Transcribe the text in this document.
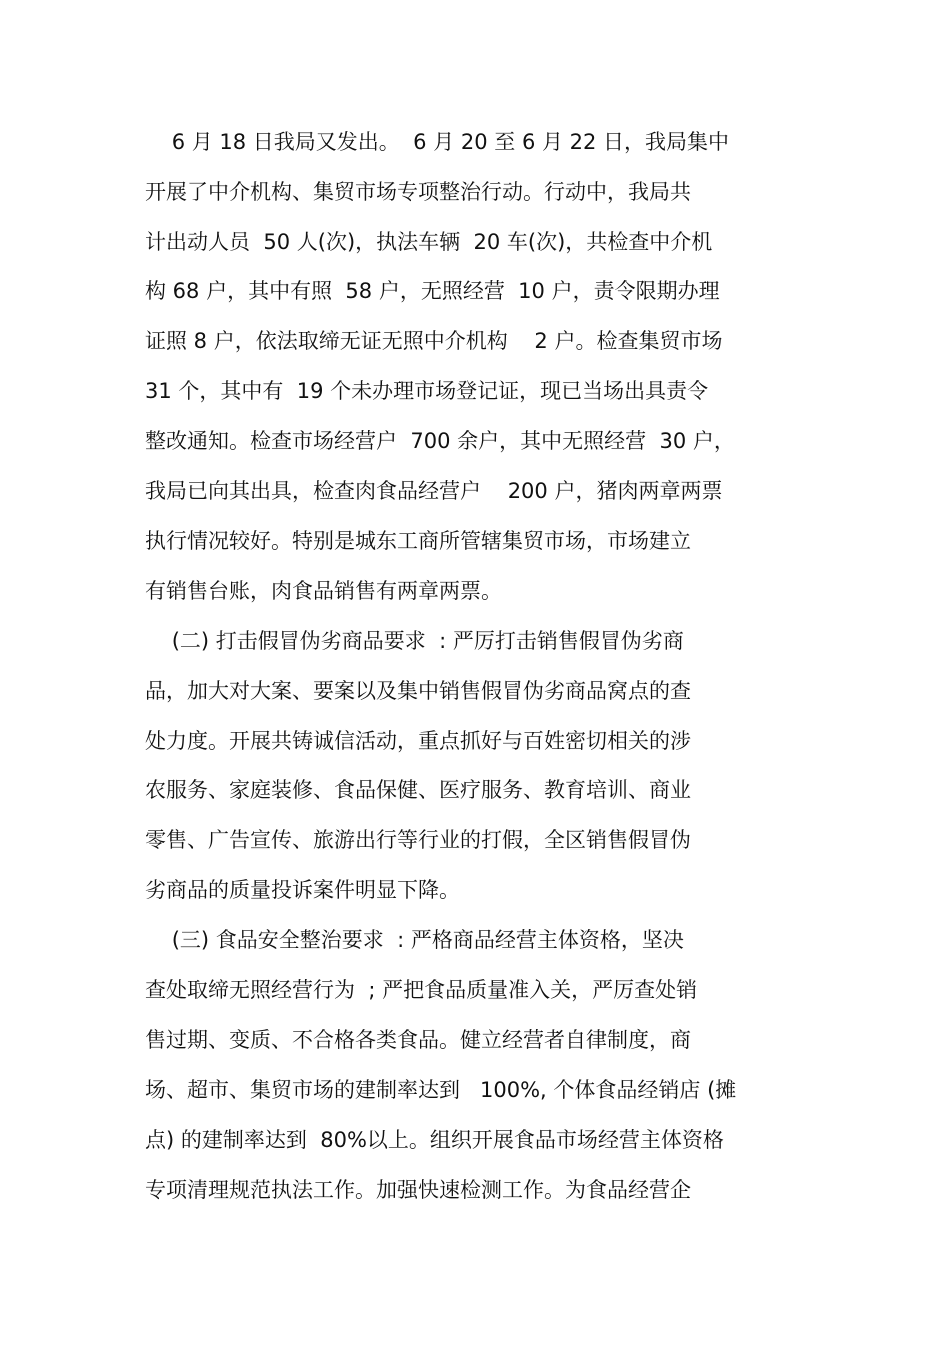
6 月 18 日我局又发出。  6 月 20 至 6 月 22 日，我局集中
开展了中介机构、集贸市场专项整治行动。行动中，我局共
计出动人员  50 人(次)，执法车辆  20 车(次)，共检查中介机
构 68 户，其中有照  58 户，无照经营  10 户，责令限期办理
证照 8 户，依法取缔无证无照中介机构    2 户。检查集贸市场
31 个，其中有  19 个未办理市场登记证，现已当场出具责令
整改通知。检查市场经营户  700 余户，其中无照经营  30 户，
我局已向其出具，检查肉食品经营户    200 户，猪肉两章两票
执行情况较好。特别是城东工商所管辖集贸市场，市场建立
有销售台账，肉食品销售有两章两票。
(二) 打击假冒伪劣商品要求  : 严厉打击销售假冒伪劣商
品，加大对大案、要案以及集中销售假冒伪劣商品窝点的查
处力度。开展共铸诚信活动，重点抓好与百姓密切相关的涉
农服务、家庭装修、食品保健、医疗服务、教育培训、商业
零售、广告宣传、旅游出行等行业的打假，全区销售假冒伪
劣商品的质量投诉案件明显下降。
(三) 食品安全整治要求  : 严格商品经营主体资格，坚决
查处取缔无照经营行为  ; 严把食品质量准入关，严厉查处销
售过期、变质、不合格各类食品。健立经营者自律制度，商
场、超市、集贸市场的建制率达到   100%, 个体食品经销店 (摊
点) 的建制率达到  80%以上。组织开展食品市场经营主体资格
专项清理规范执法工作。加强快速检测工作。为食品经营企
